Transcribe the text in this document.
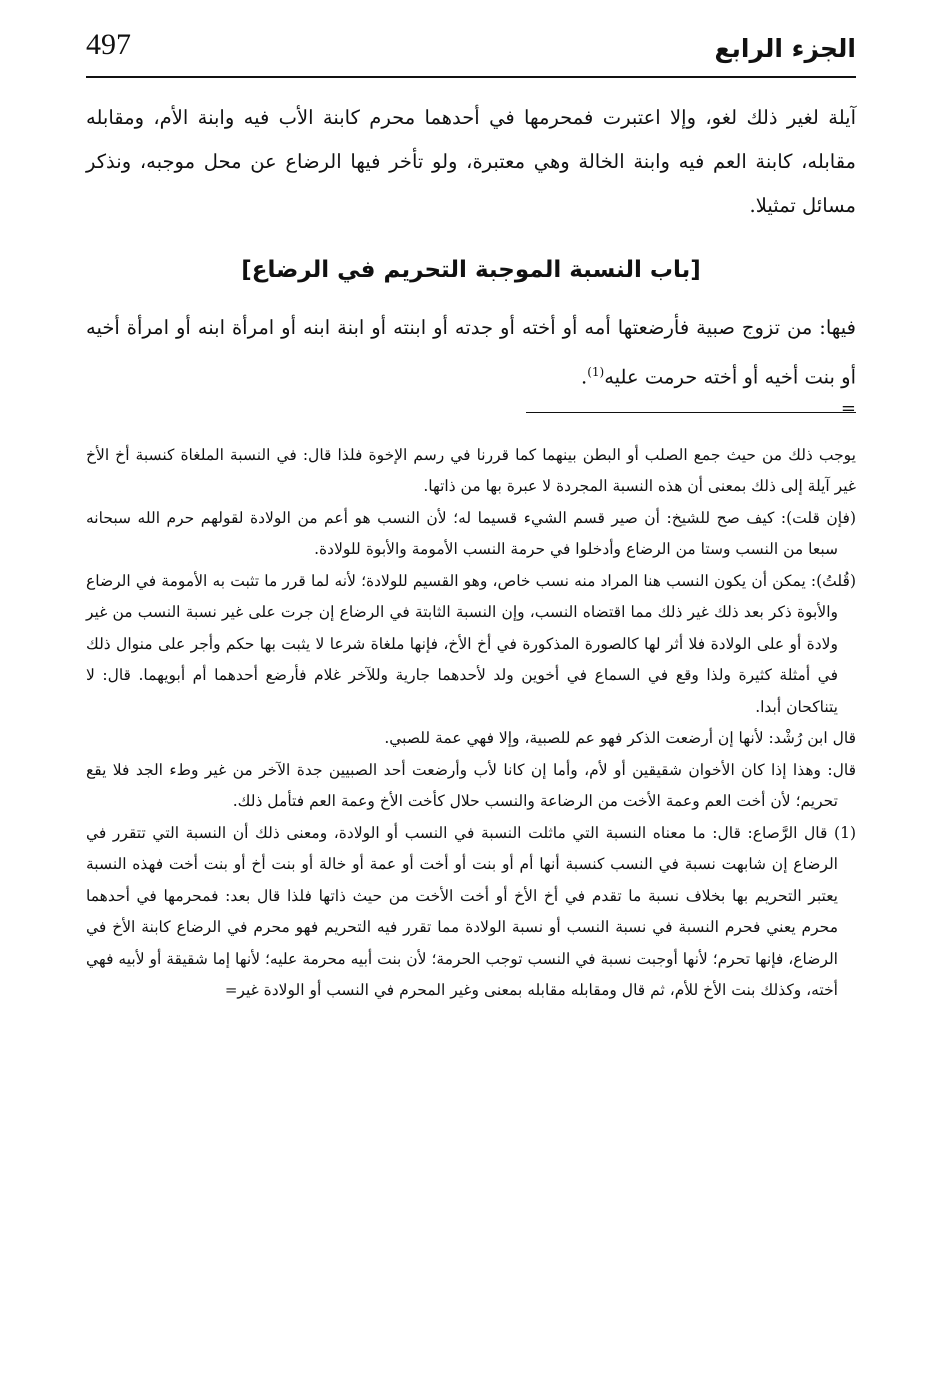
الجزء الرابع
497

آيلة لغير ذلك لغو، وإلا اعتبرت فمحرمها في أحدهما محرم كابنة الأب فيه وابنة الأم، ومقابله مقابله، كابنة العم فيه وابنة الخالة وهي معتبرة، ولو تأخر فيها الرضاع عن محل موجبه، ونذكر مسائل تمثيلا.

[باب النسبة الموجبة التحريم في الرضاع]

فيها: من تزوج صبية فأرضعتها أمه أو أخته أو جدته أو ابنته أو ابنة ابنه أو امرأة ابنه أو امرأة أخيه أو بنت أخيه أو أخته حرمت عليه$^{(1)}$.

=

يوجب ذلك من حيث جمع الصلب أو البطن بينهما كما قررنا في رسم الإخوة فلذا قال: في النسبة الملغاة كنسبة أخ الأخ غير آيلة إلى ذلك بمعنى أن هذه النسبة المجردة لا عبرة بها من ذاتها.

(فإن قلت): كيف صح للشيخ: أن صير قسم الشيء قسيما له؛ لأن النسب هو أعم من الولادة لقولهم حرم الله سبحانه سبعا من النسب وستا من الرضاع وأدخلوا في حرمة النسب الأمومة والأبوة للولادة.

(قُلتُ): يمكن أن يكون النسب هنا المراد منه نسب خاص، وهو القسيم للولادة؛ لأنه لما قرر ما تثبت به الأمومة في الرضاع والأبوة ذكر بعد ذلك غير ذلك مما اقتضاه النسب، وإن النسبة الثابتة في الرضاع إن جرت على غير نسبة النسب من غير ولادة أو على الولادة فلا أثر لها كالصورة المذكورة في أخ الأخ، فإنها ملغاة شرعا لا يثبت بها حكم وأجر على منوال ذلك في أمثلة كثيرة ولذا وقع في السماع في أخوين ولد لأحدهما جارية وللآخر غلام فأرضع أحدهما أم أبويهما. قال: لا يتناكحان أبدا.

قال ابن رُشْد: لأنها إن أرضعت الذكر فهو عم للصبية، وإلا فهي عمة للصبي.

قال: وهذا إذا كان الأخوان شقيقين أو لأم، وأما إن كانا لأب وأرضعت أحد الصبيين جدة الآخر من غير وطء الجد فلا يقع تحريم؛ لأن أخت العم وعمة الأخت من الرضاعة والنسب حلال كأخت الأخ وعمة العم فتأمل ذلك.

(1) قال الرَّصاع: قال: ما معناه النسبة التي ماثلت النسبة في النسب أو الولادة، ومعنى ذلك أن النسبة التي تتقرر في الرضاع إن شابهت نسبة في النسب كنسبة أنها أم أو بنت أو أخت أو عمة أو خالة أو بنت أخ أو بنت أخت فهذه النسبة يعتبر التحريم بها بخلاف نسبة ما تقدم في أخ الأخ أو أخت الأخت من حيث ذاتها فلذا قال بعد: فمحرمها في أحدهما محرم يعني فحرم النسبة في نسبة النسب أو نسبة الولادة مما تقرر فيه التحريم فهو محرم في الرضاع كابنة الأخ في الرضاع، فإنها تحرم؛ لأنها أوجبت نسبة في النسب توجب الحرمة؛ لأن بنت أبيه محرمة عليه؛ لأنها إما شقيقة أو لأبيه فهي أخته، وكذلك بنت الأخ للأم، ثم قال ومقابله مقابله بمعنى وغير المحرم في النسب أو الولادة غير=
